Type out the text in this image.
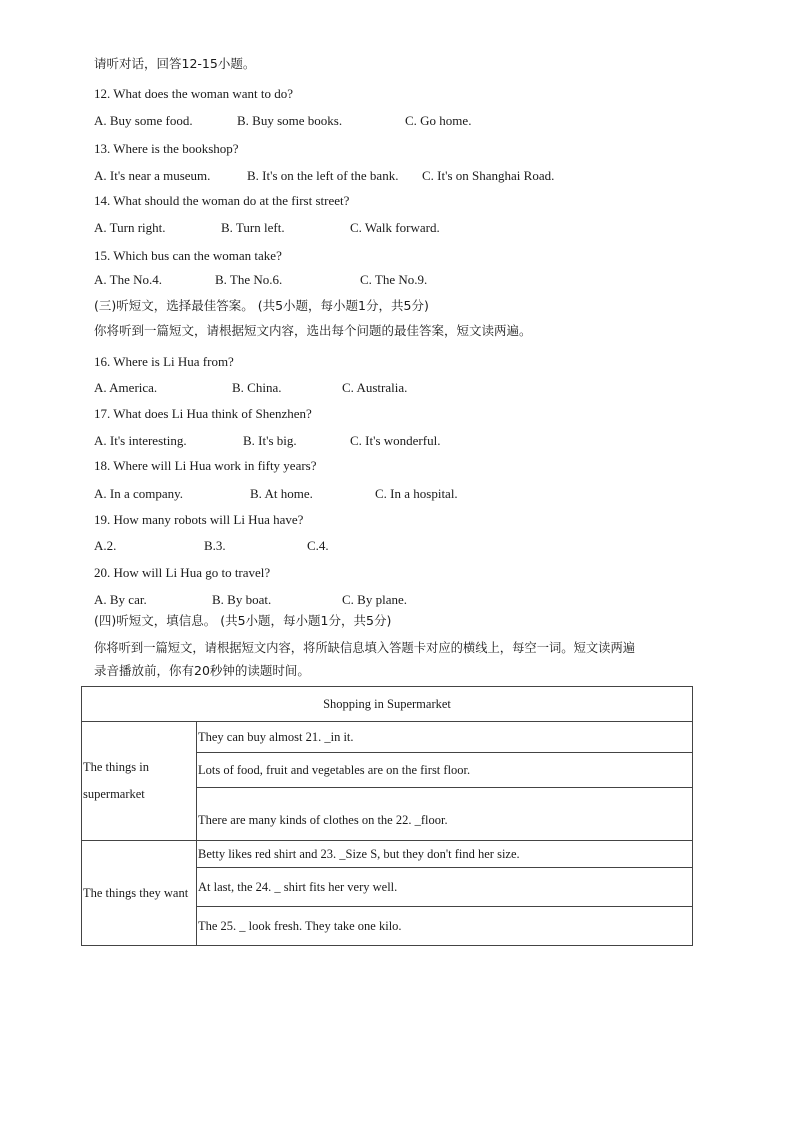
请听对话，回答12-15小题。
12. What does the woman want to do?
A. Buy some food.	B. Buy some books.	C. Go home.
13. Where is the bookshop?
A. It's near a museum.	B. It's on the left of the bank. C. It's on Shanghai Road.
14. What should the woman do at the first street?
A. Turn right.	B. Turn left.	C. Walk forward.
15. Which bus can the woman take?
A. The No.4.	B. The No.6.	C. The No.9.
(三)听短文，选择最佳答案。 (共5小题，每小题1分，共5分)
你将听到一篇短文，请根据短文内容，选出每个问题的最佳答案，短文读两遍。
16. Where is Li Hua from?
A. America.	B. China.	C. Australia.
17. What does Li Hua think of Shenzhen?
A. It's interesting.	B. It's big.	C. It's wonderful.
18. Where will Li Hua work in fifty years?
A. In a company.	B. At home.	C. In a hospital.
19. How many robots will Li Hua have?
A.2.	B.3.	C.4.
20. How will Li Hua go to travel?
A. By car.	B. By boat.	C. By plane.
(四)听短文，填信息。 (共5小题，每小题1分，共5分)
你将听到一篇短文，请根据短文内容，将所缺信息填入答题卡对应的横线上，每空一词。短文读两遍
录音播放前，你有20秒钟的读题时间。
Shopping in Supermarket	
The things in supermarket	They can buy almost 21. _in it.
	Lots of food, fruit and vegetables are on the first floor.
	There are many kinds of clothes on the 22. _floor.
The things they want	Betty likes red shirt and 23. _Size S, but they don't find her size.
	At last, the 24. _ shirt fits her very well.
	The 25. _ look fresh. They take one kilo.
